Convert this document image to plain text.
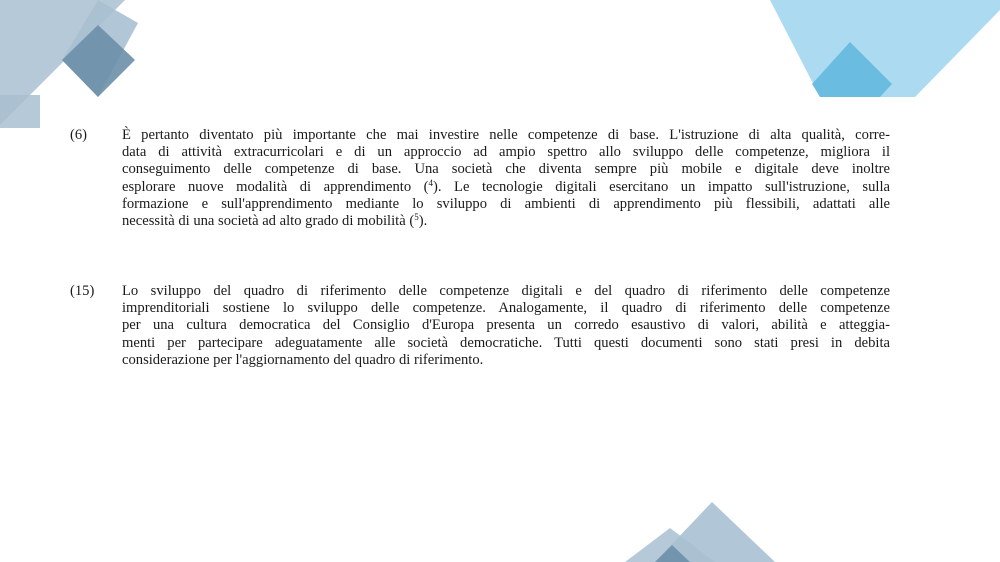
(6)	È pertanto diventato più importante che mai investire nelle competenze di base. L'istruzione di alta qualità, corre-
data di attività extracurricolari e di un approccio ad ampio spettro allo sviluppo delle competenze, migliora il
conseguimento delle competenze di base. Una società che diventa sempre più mobile e digitale deve inoltre
esplorare nuove modalità di apprendimento ($^4$). Le tecnologie digitali esercitano un impatto sull'istruzione, sulla
formazione e sull'apprendimento mediante lo sviluppo di ambienti di apprendimento più flessibili, adattati alle
necessità di una società ad alto grado di mobilità ($^5$).
(15)	Lo sviluppo del quadro di riferimento delle competenze digitali e del quadro di riferimento delle competenze
imprenditoriali sostiene lo sviluppo delle competenze. Analogamente, il quadro di riferimento delle competenze
per una cultura democratica del Consiglio d'Europa presenta un corredo esaustivo di valori, abilità e atteggia-
menti per partecipare adeguatamente alle società democratiche. Tutti questi documenti sono stati presi in debita
considerazione per l'aggiornamento del quadro di riferimento.
